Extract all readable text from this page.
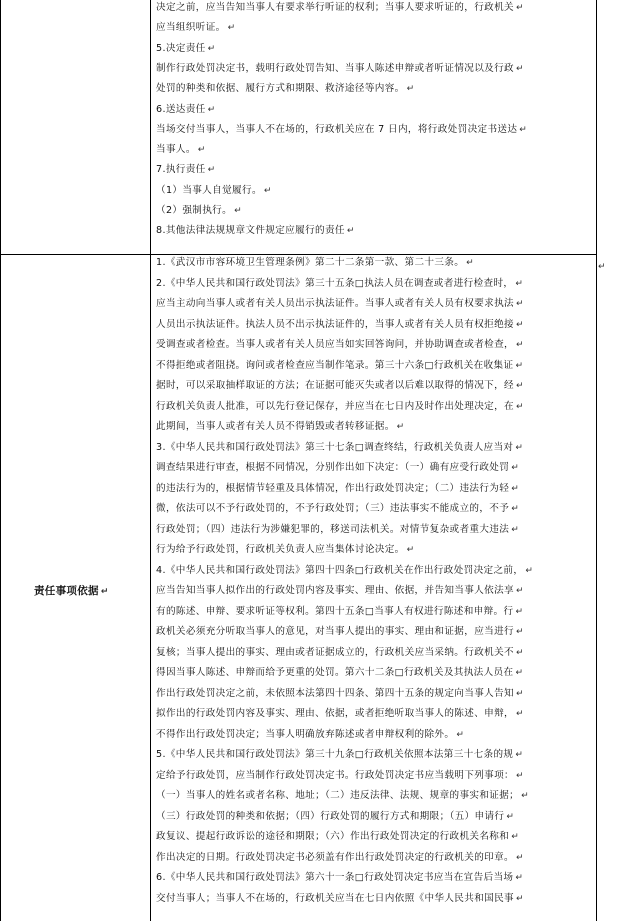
决定之前，应当告知当事人有要求举行听证的权利；当事人要求听证的，行政机关 ↵
应当组织听证。 ↵
5.决定责任 ↵
制作行政处罚决定书，载明行政处罚告知、当事人陈述申辩或者听证情况以及行政 ↵
处罚的种类和依据、履行方式和期限、救济途径等内容。 ↵
6.送达责任 ↵
当场交付当事人，当事人不在场的，行政机关应在 7 日内，将行政处罚决定书送达 ↵
当事人。 ↵
7.执行责任 ↵
（1）当事人自觉履行。 ↵
（2）强制执行。 ↵
8.其他法律法规规章文件规定应履行的责任 ↵
责任事项依据 ↵
1.《武汉市市容环境卫生管理条例》第二十二条第一款、第二十三条。 ↵
2.《中华人民共和国行政处罚法》第三十五条□执法人员在调查或者进行检查时， ↵
应当主动向当事人或者有关人员出示执法证件。当事人或者有关人员有权要求执法 ↵
人员出示执法证件。执法人员不出示执法证件的，当事人或者有关人员有权拒绝接 ↵
受调查或者检查。当事人或者有关人员应当如实回答询问，并协助调查或者检查， ↵
不得拒绝或者阻挠。询问或者检查应当制作笔录。第三十六条□行政机关在收集证 ↵
据时，可以采取抽样取证的方法；在证据可能灭失或者以后难以取得的情况下，经 ↵
行政机关负责人批准，可以先行登记保存，并应当在七日内及时作出处理决定，在 ↵
此期间，当事人或者有关人员不得销毁或者转移证据。 ↵
3.《中华人民共和国行政处罚法》第三十七条□调查终结，行政机关负责人应当对 ↵
调查结果进行审查，根据不同情况，分别作出如下决定：（一）确有应受行政处罚 ↵
的违法行为的，根据情节轻重及具体情况，作出行政处罚决定；（二）违法行为轻 ↵
微，依法可以不予行政处罚的，不予行政处罚；（三）违法事实不能成立的，不予 ↵
行政处罚；（四）违法行为涉嫌犯罪的，移送司法机关。对情节复杂或者重大违法 ↵
行为给予行政处罚，行政机关负责人应当集体讨论决定。 ↵
4.《中华人民共和国行政处罚法》第四十四条□行政机关在作出行政处罚决定之前， ↵
应当告知当事人拟作出的行政处罚内容及事实、理由、依据，并告知当事人依法享 ↵
有的陈述、申辩、要求听证等权利。第四十五条□当事人有权进行陈述和申辩。行 ↵
政机关必须充分听取当事人的意见，对当事人提出的事实、理由和证据，应当进行 ↵
复核；当事人提出的事实、理由或者证据成立的，行政机关应当采纳。行政机关不 ↵
得因当事人陈述、申辩而给予更重的处罚。第六十二条□行政机关及其执法人员在 ↵
作出行政处罚决定之前，未依照本法第四十四条、第四十五条的规定向当事人告知 ↵
拟作出的行政处罚内容及事实、理由、依据，或者拒绝听取当事人的陈述、申辩， ↵
不得作出行政处罚决定；当事人明确放弃陈述或者申辩权利的除外。 ↵
5.《中华人民共和国行政处罚法》第三十九条□行政机关依照本法第三十七条的规 ↵
定给予行政处罚，应当制作行政处罚决定书。行政处罚决定书应当载明下列事项： ↵
（一）当事人的姓名或者名称、地址；（二）违反法律、法规、规章的事实和证据； ↵
（三）行政处罚的种类和依据；（四）行政处罚的履行方式和期限；（五）申请行 ↵
政复议、提起行政诉讼的途径和期限；（六）作出行政处罚决定的行政机关名称和 ↵
作出决定的日期。行政处罚决定书必须盖有作出行政处罚决定的行政机关的印章。 ↵
6.《中华人民共和国行政处罚法》第六十一条□行政处罚决定书应当在宣告后当场 ↵
交付当事人；当事人不在场的，行政机关应当在七日内依照《中华人民共和国民事 ↵
↵
